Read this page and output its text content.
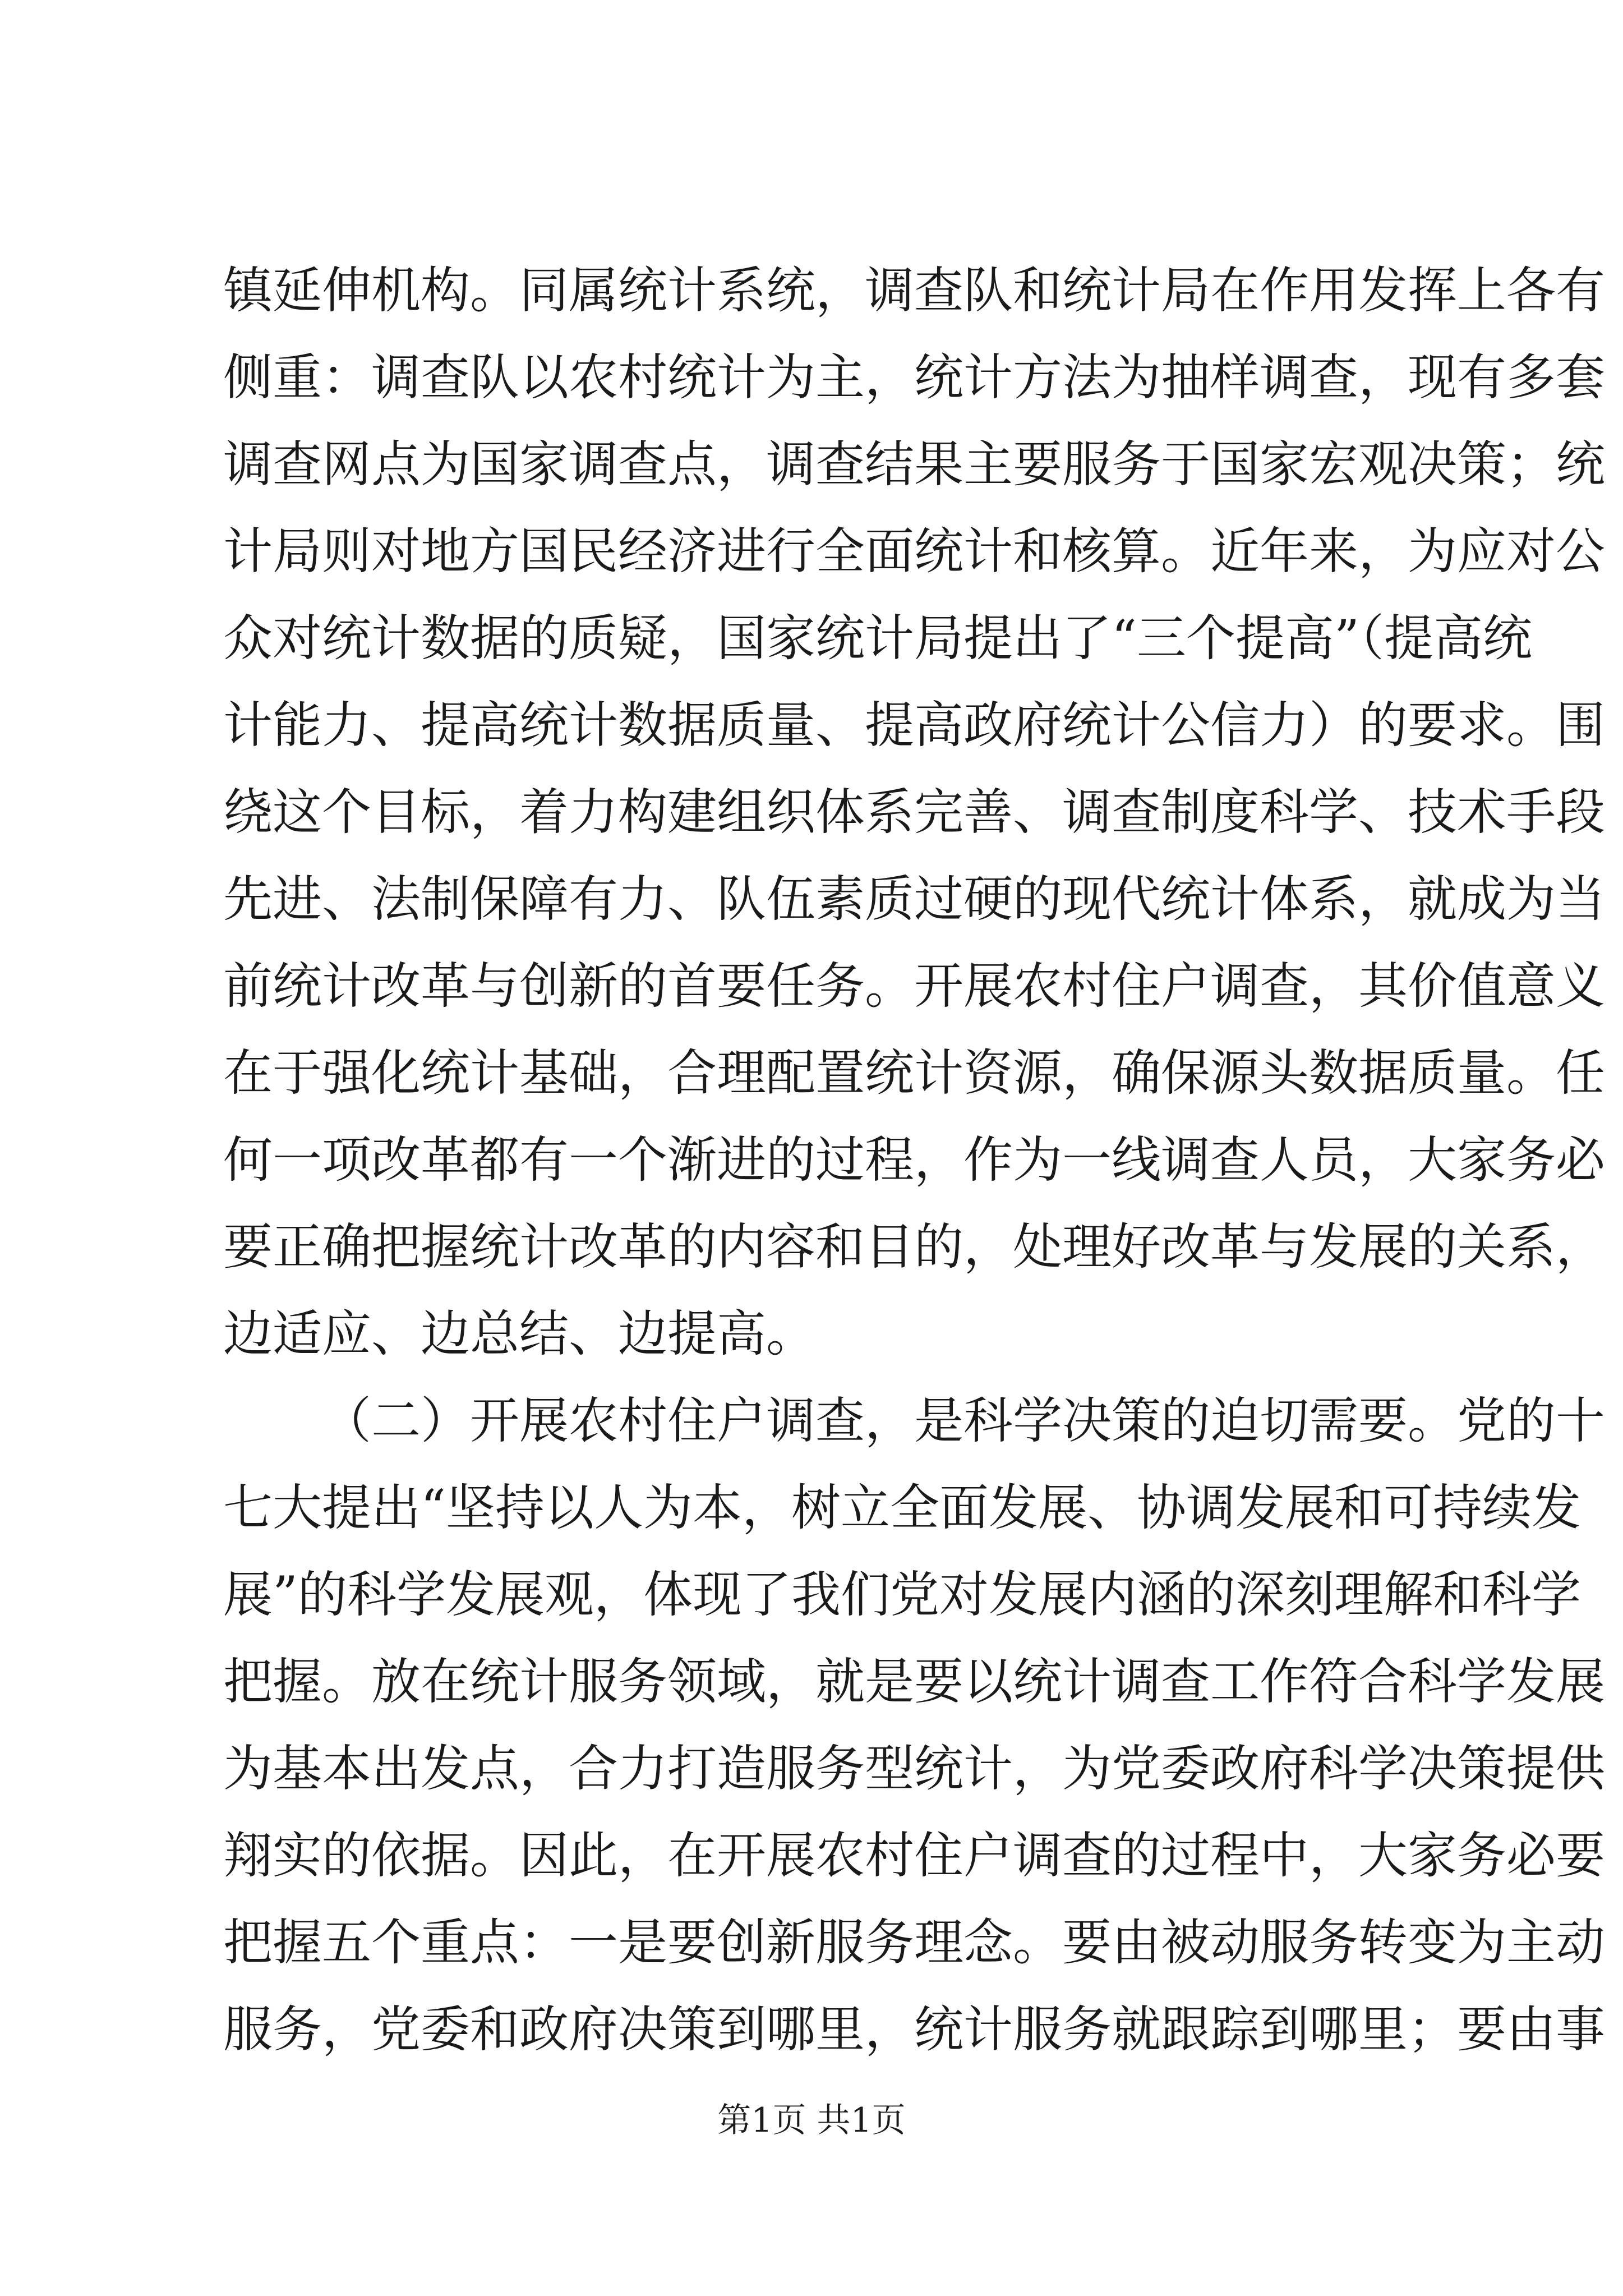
镇延伸机构。同属统计系统，调查队和统计局在作用发挥上各有
侧重：调查队以农村统计为主，统计方法为抽样调查，现有多套
调查网点为国家调查点，调查结果主要服务于国家宏观决策；统
计局则对地方国民经济进行全面统计和核算。近年来，为应对公
众对统计数据的质疑，国家统计局提出了“三个提高”（提高统
计能力、提高统计数据质量、提高政府统计公信力）的要求。围
绕这个目标，着力构建组织体系完善、调查制度科学、技术手段
先进、法制保障有力、队伍素质过硬的现代统计体系，就成为当
前统计改革与创新的首要任务。开展农村住户调查，其价值意义
在于强化统计基础，合理配置统计资源，确保源头数据质量。任
何一项改革都有一个渐进的过程，作为一线调查人员，大家务必
要正确把握统计改革的内容和目的，处理好改革与发展的关系，
边适应、边总结、边提高。
（二）开展农村住户调查，是科学决策的迫切需要。党的十
七大提出“坚持以人为本，树立全面发展、协调发展和可持续发
展”的科学发展观，体现了我们党对发展内涵的深刻理解和科学
把握。放在统计服务领域，就是要以统计调查工作符合科学发展
为基本出发点，合力打造服务型统计，为党委政府科学决策提供
翔实的依据。因此，在开展农村住户调查的过程中，大家务必要
把握五个重点：一是要创新服务理念。要由被动服务转变为主动
服务，党委和政府决策到哪里，统计服务就跟踪到哪里；要由事
第1页 共1页
